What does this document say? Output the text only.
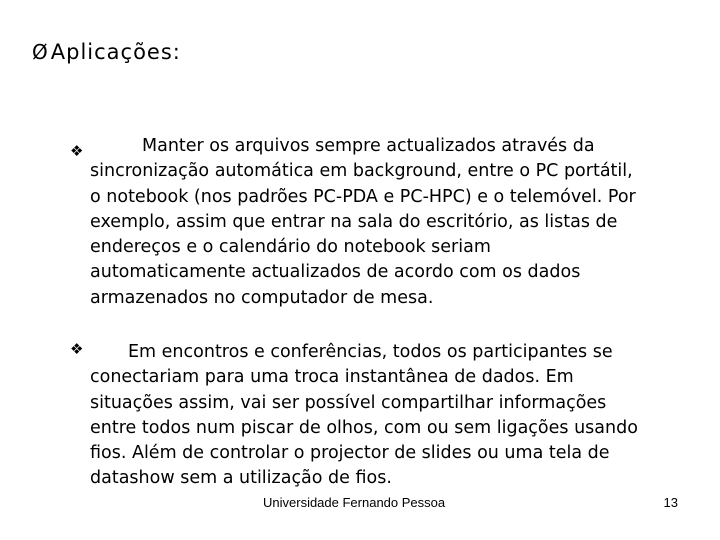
ØAplicações:
❖	Manter os arquivos sempre actualizados através da
sincronização automática em background, entre o PC portátil,
o notebook (nos padrões PC-PDA e PC-HPC) e o telemóvel. Por
exemplo, assim que entrar na sala do escritório, as listas de
endereços e o calendário do notebook seriam
automaticamente actualizados de acordo com os dados
armazenados no computador de mesa.
❖	Em encontros e conferências, todos os participantes se
conectariam para uma troca instantânea de dados. Em
situações assim, vai ser possível compartilhar informações
entre todos num piscar de olhos, com ou sem ligações usando
fios. Além de controlar o projector de slides ou uma tela de
datashow sem a utilização de fios.
Universidade Fernando Pessoa	13
